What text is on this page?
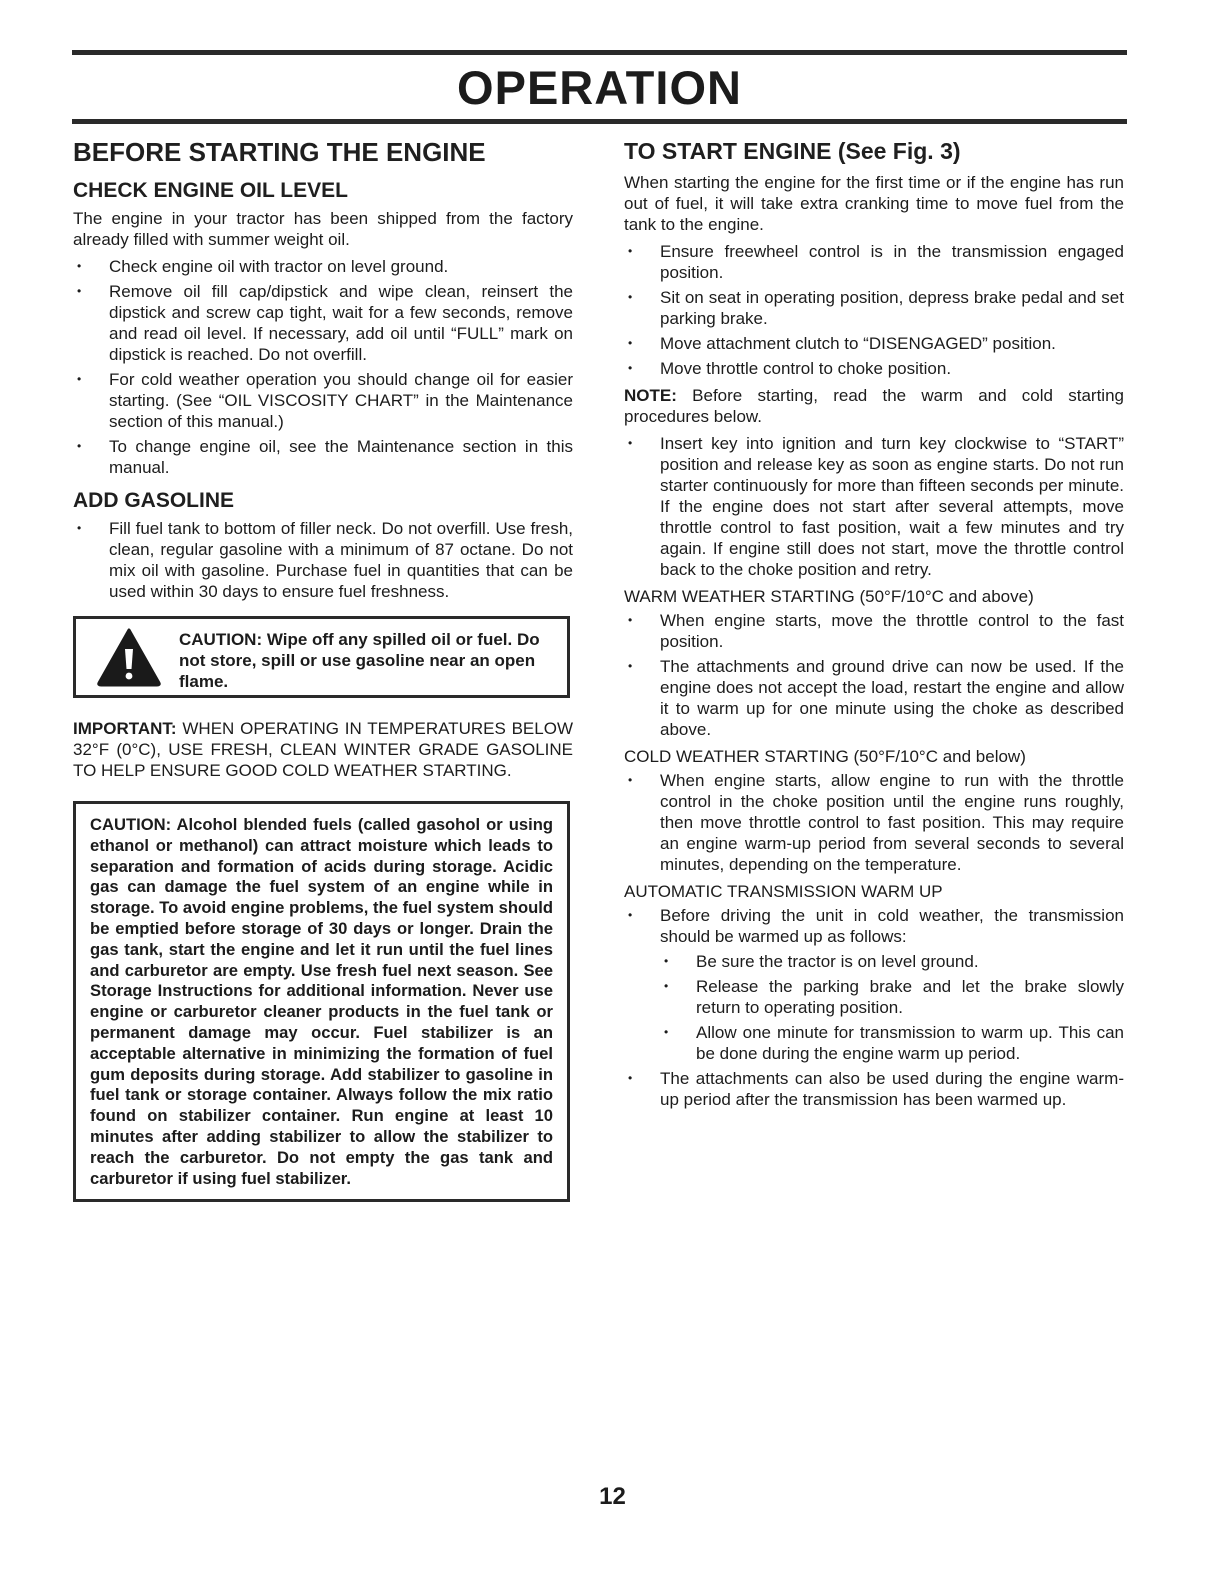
OPERATION
BEFORE STARTING THE ENGINE
CHECK ENGINE OIL LEVEL

The engine in your tractor has been shipped from the factory already filled with summer weight oil.

• Check engine oil with tractor on level ground.
• Remove oil fill cap/dipstick and wipe clean, reinsert the dipstick and screw cap tight, wait for a few seconds, remove and read oil level. If necessary, add oil until “FULL” mark on dipstick is reached. Do not overfill.
• For cold weather operation you should change oil for easier starting. (See “OIL VISCOSITY CHART” in the Maintenance section of this manual.)
• To change engine oil, see the Maintenance section in this manual.
ADD GASOLINE
• Fill fuel tank to bottom of filler neck. Do not overfill. Use fresh, clean, regular gasoline with a minimum of 87 octane. Do not mix oil with gasoline. Purchase fuel in quantities that can be used within 30 days to ensure fuel freshness.
CAUTION: Wipe off any spilled oil or fuel. Do not store, spill or use gasoline near an open flame.

IMPORTANT: WHEN OPERATING IN TEMPERATURES BELOW 32°F (0°C), USE FRESH, CLEAN WINTER GRADE GASOLINE TO HELP ENSURE GOOD COLD WEATHER STARTING.

CAUTION: Alcohol blended fuels (called gasohol or using ethanol or methanol) can attract moisture which leads to separation and formation of acids during storage. Acidic gas can damage the fuel system of an engine while in storage. To avoid engine problems, the fuel system should be emptied before storage of 30 days or longer. Drain the gas tank, start the engine and let it run until the fuel lines and carburetor are empty. Use fresh fuel next season. See Storage Instructions for additional information. Never use engine or carburetor cleaner products in the fuel tank or permanent damage may occur. Fuel stabilizer is an acceptable alternative in minimizing the formation of fuel gum deposits during storage. Add stabilizer to gasoline in fuel tank or storage container. Always follow the mix ratio found on stabilizer container. Run engine at least 10 minutes after adding stabilizer to allow the stabilizer to reach the carburetor. Do not empty the gas tank and carburetor if using fuel stabilizer.
TO START ENGINE (See Fig. 3)

When starting the engine for the first time or if the engine has run out of fuel, it will take extra cranking time to move fuel from the tank to the engine.

• Ensure freewheel control is in the transmission engaged position.
• Sit on seat in operating position, depress brake pedal and set parking brake.
• Move attachment clutch to “DISENGAGED” position.
• Move throttle control to choke position.

NOTE: Before starting, read the warm and cold starting procedures below.

• Insert key into ignition and turn key clockwise to “START” position and release key as soon as engine starts. Do not run starter continuously for more than fifteen seconds per minute. If the engine does not start after several attempts, move throttle control to fast position, wait a few minutes and try again. If engine still does not start, move the throttle control back to the choke position and retry.

WARM WEATHER STARTING (50°F/10°C and above)

• When engine starts, move the throttle control to the fast position.
• The attachments and ground drive can now be used. If the engine does not accept the load, restart the engine and allow it to warm up for one minute using the choke as described above.

COLD WEATHER STARTING (50°F/10°C and below)

• When engine starts, allow engine to run with the throttle control in the choke position until the engine runs roughly, then move throttle control to fast position. This may require an engine warm-up period from several seconds to several minutes, depending on the temperature.

AUTOMATIC TRANSMISSION WARM UP

• Before driving the unit in cold weather, the transmission should be warmed up as follows:
• Be sure the tractor is on level ground.
• Release the parking brake and let the brake slowly return to operating position.
• Allow one minute for transmission to warm up. This can be done during the engine warm up period.
• The attachments can also be used during the engine warm-up period after the transmission has been warmed up.
12
